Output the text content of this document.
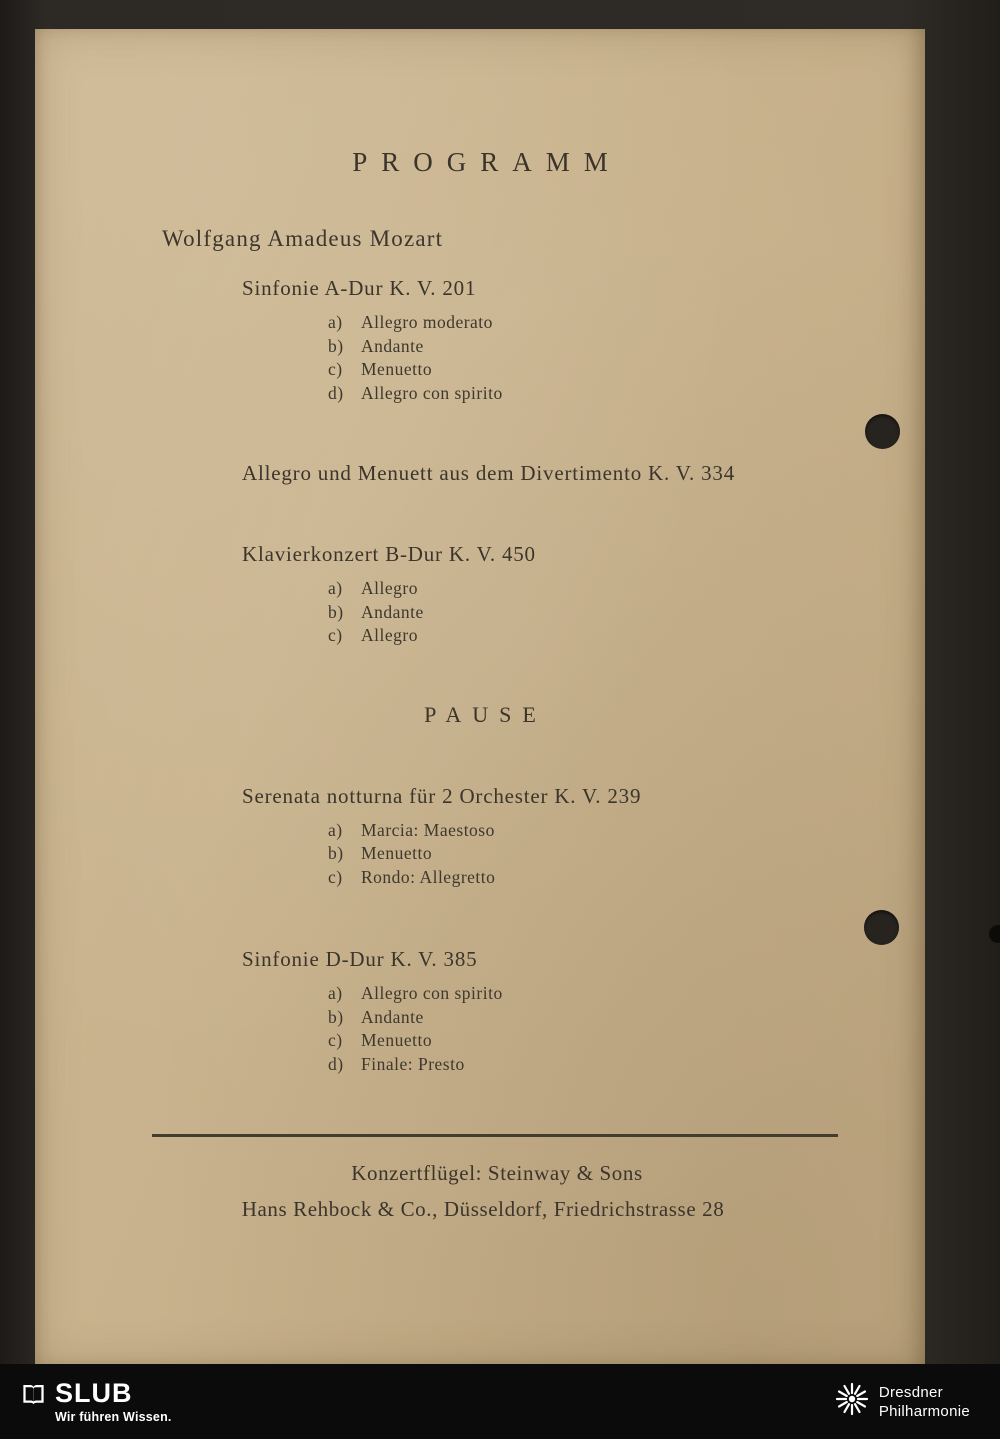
PROGRAMM
Wolfgang Amadeus Mozart
Sinfonie A-Dur K. V. 201
a) Allegro moderato
b) Andante
c) Menuetto
d) Allegro con spirito
Allegro und Menuett aus dem Divertimento K. V. 334
Klavierkonzert B-Dur K. V. 450
a) Allegro
b) Andante
c) Allegro
PAUSE
Serenata notturna für 2 Orchester K. V. 239
a) Marcia: Maestoso
b) Menuetto
c) Rondo: Allegretto
Sinfonie D-Dur K. V. 385
a) Allegro con spirito
b) Andante
c) Menuetto
d) Finale: Presto
Konzertflügel: Steinway & Sons
Hans Rehbock & Co., Düsseldorf, Friedrichstrasse 28
SLUB
Wir führen Wissen.
Dresdner
Philharmonie
